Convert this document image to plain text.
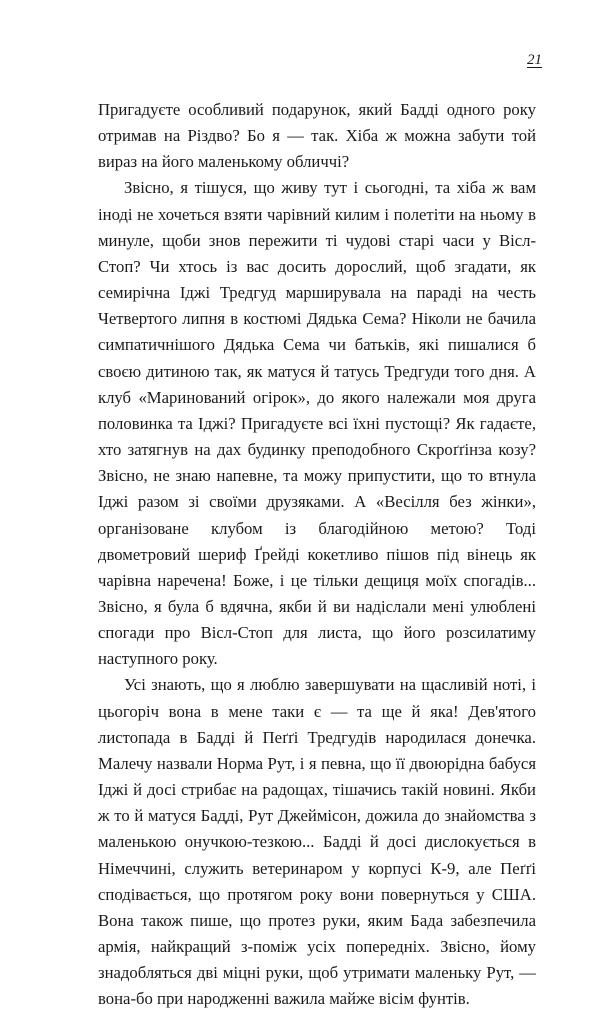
21

Пригадуєте особливий подарунок, який Бадді одного року отримав на Різдво? Бо я — так. Хіба ж можна забути той вираз на його маленькому обличчі?

Звісно, я тішуся, що живу тут і сьогодні, та хіба ж вам іноді не хочеться взяти чарівний килим і полетіти на ньому в минуле, щоби знов пережити ті чудові старі часи у Вісл-Стоп? Чи хтось із вас досить дорослий, щоб згадати, як семирічна Іджі Тредгуд марширувала на параді на честь Четвертого липня в костюмі Дядька Сема? Ніколи не бачила симпатичнішого Дядька Сема чи батьків, які пишалися б своєю дитиною так, як матуся й татусь Тредгуди того дня. А клуб «Маринований огірок», до якого належали моя друга половинка та Іджі? Пригадуєте всі їхні пустощі? Як гадаєте, хто затягнув на дах будинку преподобного Скроґґінза козу? Звісно, не знаю напевне, та можу припустити, що то втнула Іджі разом зі своїми друзяками. А «Весілля без жінки», організоване клубом із благодійною метою? Тоді двометровий шериф Ґрейді кокетливо пішов під вінець як чарівна наречена! Боже, і це тільки дещиця моїх спогадів... Звісно, я була б вдячна, якби й ви надіслали мені улюблені спогади про Вісл-Стоп для листа, що його розсилатиму наступного року.

Усі знають, що я люблю завершувати на щасливій ноті, і цьогоріч вона в мене таки є — та ще й яка! Дев'ятого листопада в Бадді й Пеґґі Тредгудів народилася донечка. Малечу назвали Норма Рут, і я певна, що її двоюрідна бабуся Іджі й досі стрибає на радощах, тішачись такій новині. Якби ж то й матуся Бадді, Рут Джеймісон, дожила до знайомства з маленькою онучкою-тезкою... Бадді й досі дислокується в Німеччині, служить ветеринаром у корпусі К-9, але Пеґґі сподівається, що протягом року вони повернуться у США. Вона також пише, що протез руки, яким Бада забезпечила армія, найкращий з-поміж усіх попередніх. Звісно, йому знадобляться дві міцні руки, щоб утримати маленьку Рут, — вона-бо при народженні важила майже вісім фунтів.
